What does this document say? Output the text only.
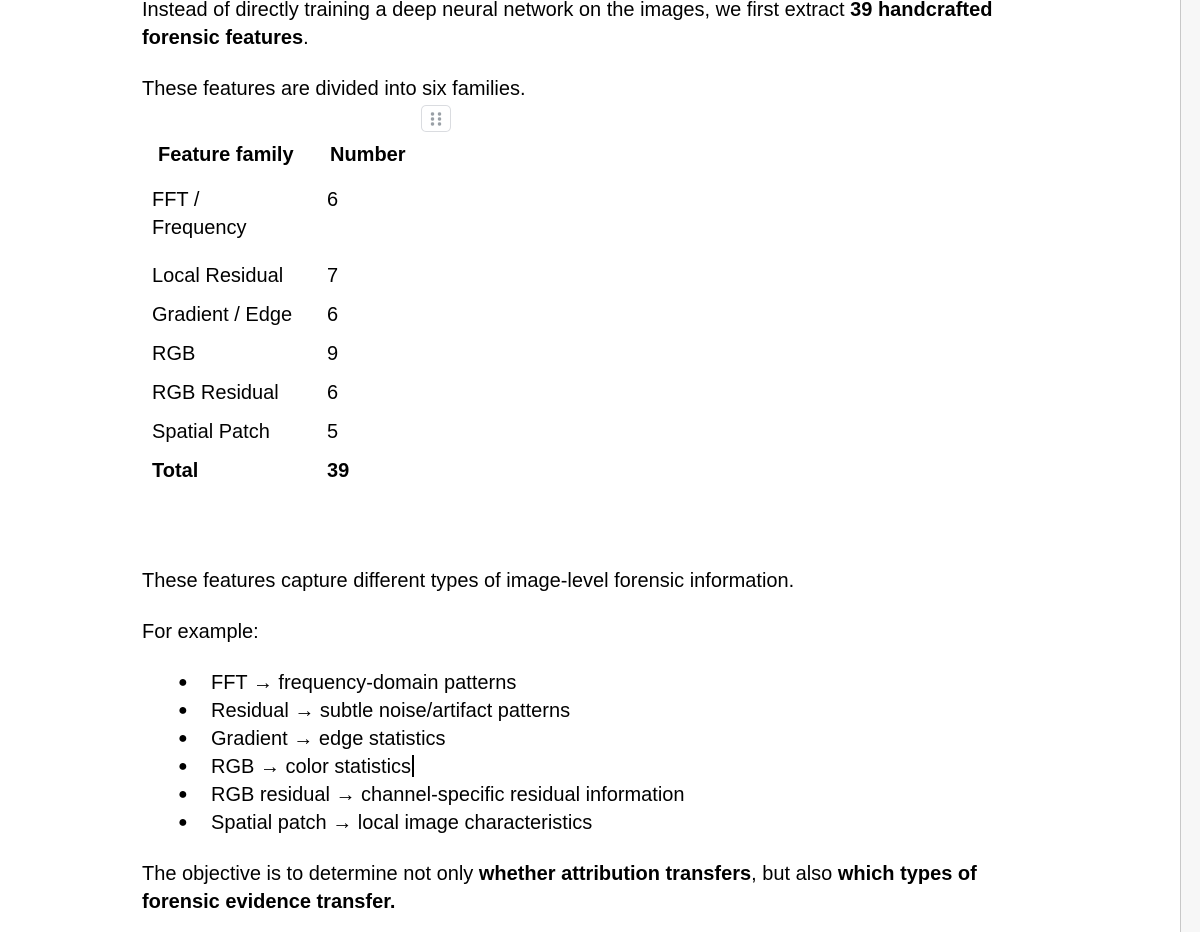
Instead of directly training a deep neural network on the images, we first extract 39 handcrafted
forensic features.

These features are divided into six families.

Feature family	Number
FFT /
Frequency	6
Local Residual	7
Gradient / Edge	6
RGB	9
RGB Residual	6
Spatial Patch	5
Total	39

These features capture different types of image-level forensic information.

For example:

● FFT → frequency-domain patterns
● Residual → subtle noise/artifact patterns
● Gradient → edge statistics
● RGB → color statistics
● RGB residual → channel-specific residual information
● Spatial patch → local image characteristics

The objective is to determine not only whether attribution transfers, but also which types of
forensic evidence transfer.
